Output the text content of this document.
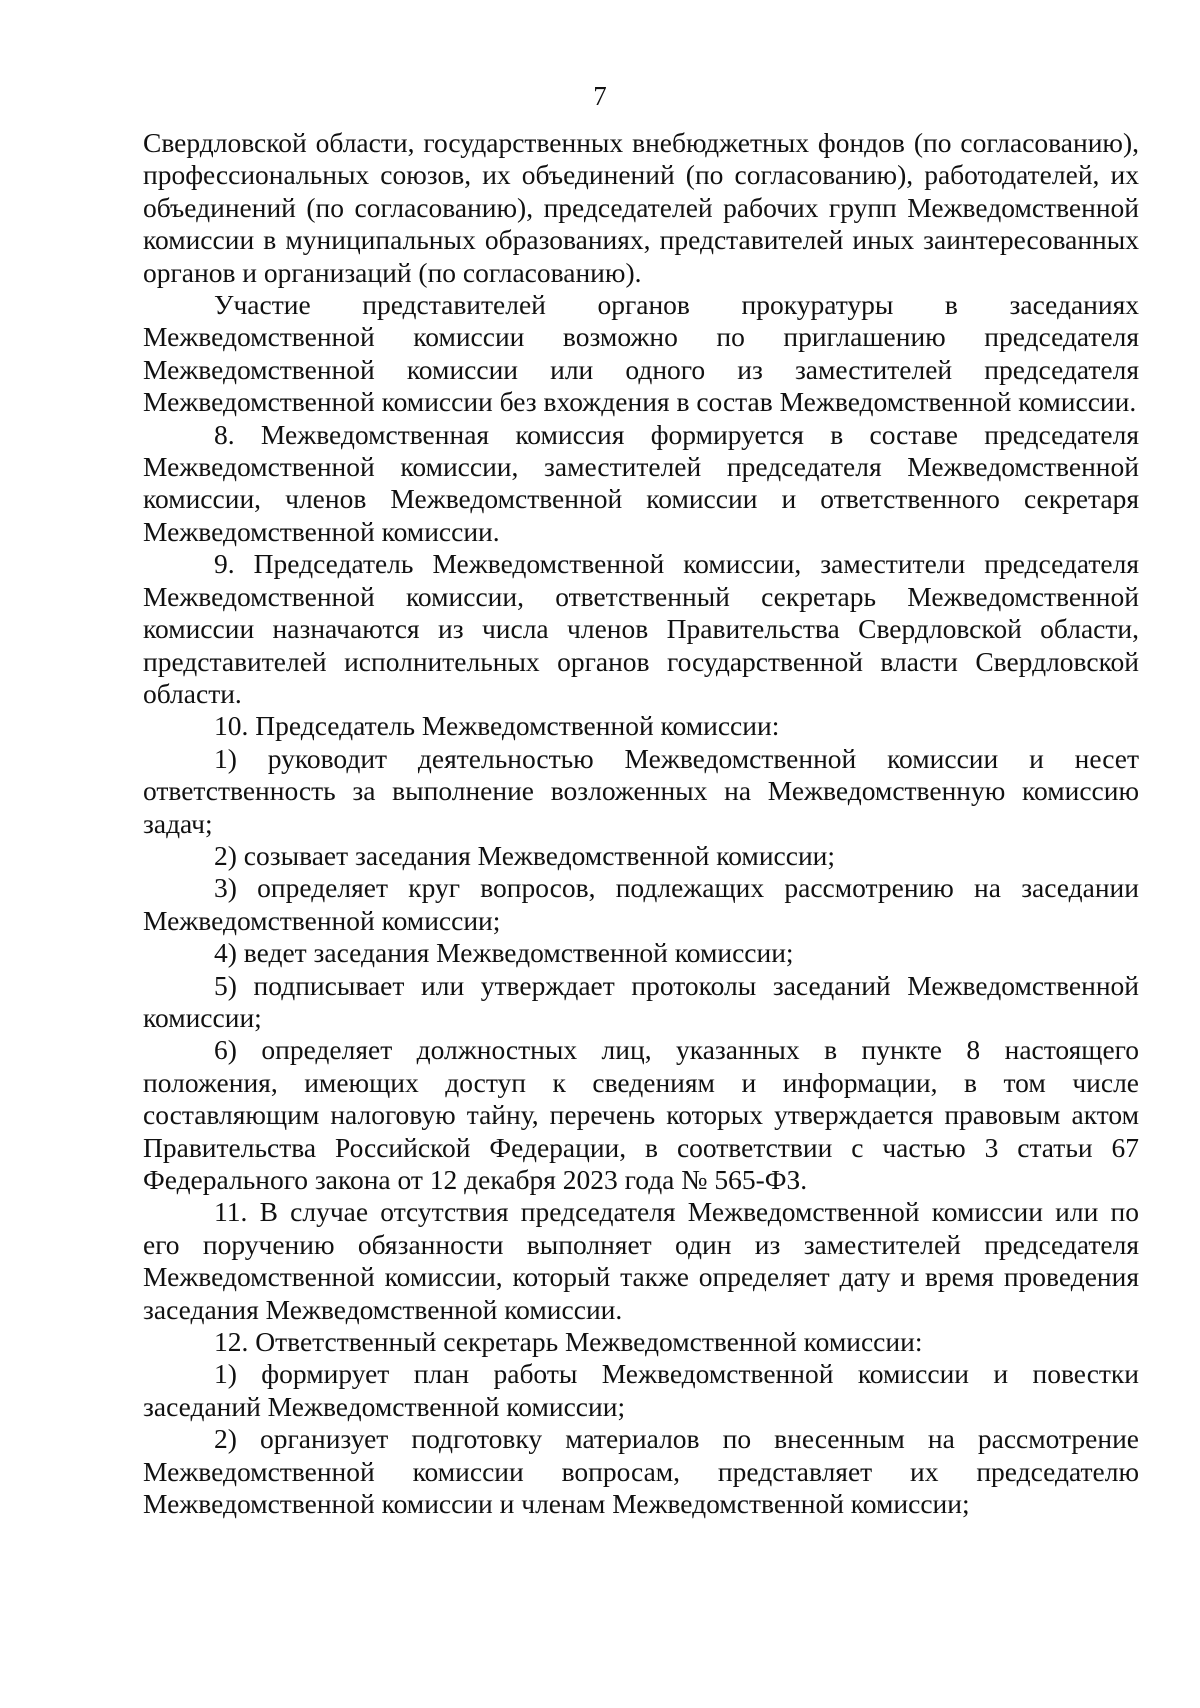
7

Свердловской области, государственных внебюджетных фондов (по согласованию), профессиональных союзов, их объединений (по согласованию), работодателей, их объединений (по согласованию), председателей рабочих групп Межведомственной комиссии в муниципальных образованиях, представителей иных заинтересованных органов и организаций (по согласованию).

Участие представителей органов прокуратуры в заседаниях Межведомственной комиссии возможно по приглашению председателя Межведомственной комиссии или одного из заместителей председателя Межведомственной комиссии без вхождения в состав Межведомственной комиссии.

8. Межведомственная комиссия формируется в составе председателя Межведомственной комиссии, заместителей председателя Межведомственной комиссии, членов Межведомственной комиссии и ответственного секретаря Межведомственной комиссии.

9. Председатель Межведомственной комиссии, заместители председателя Межведомственной комиссии, ответственный секретарь Межведомственной комиссии назначаются из числа членов Правительства Свердловской области, представителей исполнительных органов государственной власти Свердловской области.

10. Председатель Межведомственной комиссии:

1) руководит деятельностью Межведомственной комиссии и несет ответственность за выполнение возложенных на Межведомственную комиссию задач;

2) созывает заседания Межведомственной комиссии;

3) определяет круг вопросов, подлежащих рассмотрению на заседании Межведомственной комиссии;

4) ведет заседания Межведомственной комиссии;

5) подписывает или утверждает протоколы заседаний Межведомственной комиссии;

6) определяет должностных лиц, указанных в пункте 8 настоящего положения, имеющих доступ к сведениям и информации, в том числе составляющим налоговую тайну, перечень которых утверждается правовым актом Правительства Российской Федерации, в соответствии с частью 3 статьи 67 Федерального закона от 12 декабря 2023 года № 565-ФЗ.

11. В случае отсутствия председателя Межведомственной комиссии или по его поручению обязанности выполняет один из заместителей председателя Межведомственной комиссии, который также определяет дату и время проведения заседания Межведомственной комиссии.

12. Ответственный секретарь Межведомственной комиссии:

1) формирует план работы Межведомственной комиссии и повестки заседаний Межведомственной комиссии;

2) организует подготовку материалов по внесенным на рассмотрение Межведомственной комиссии вопросам, представляет их председателю Межведомственной комиссии и членам Межведомственной комиссии;
